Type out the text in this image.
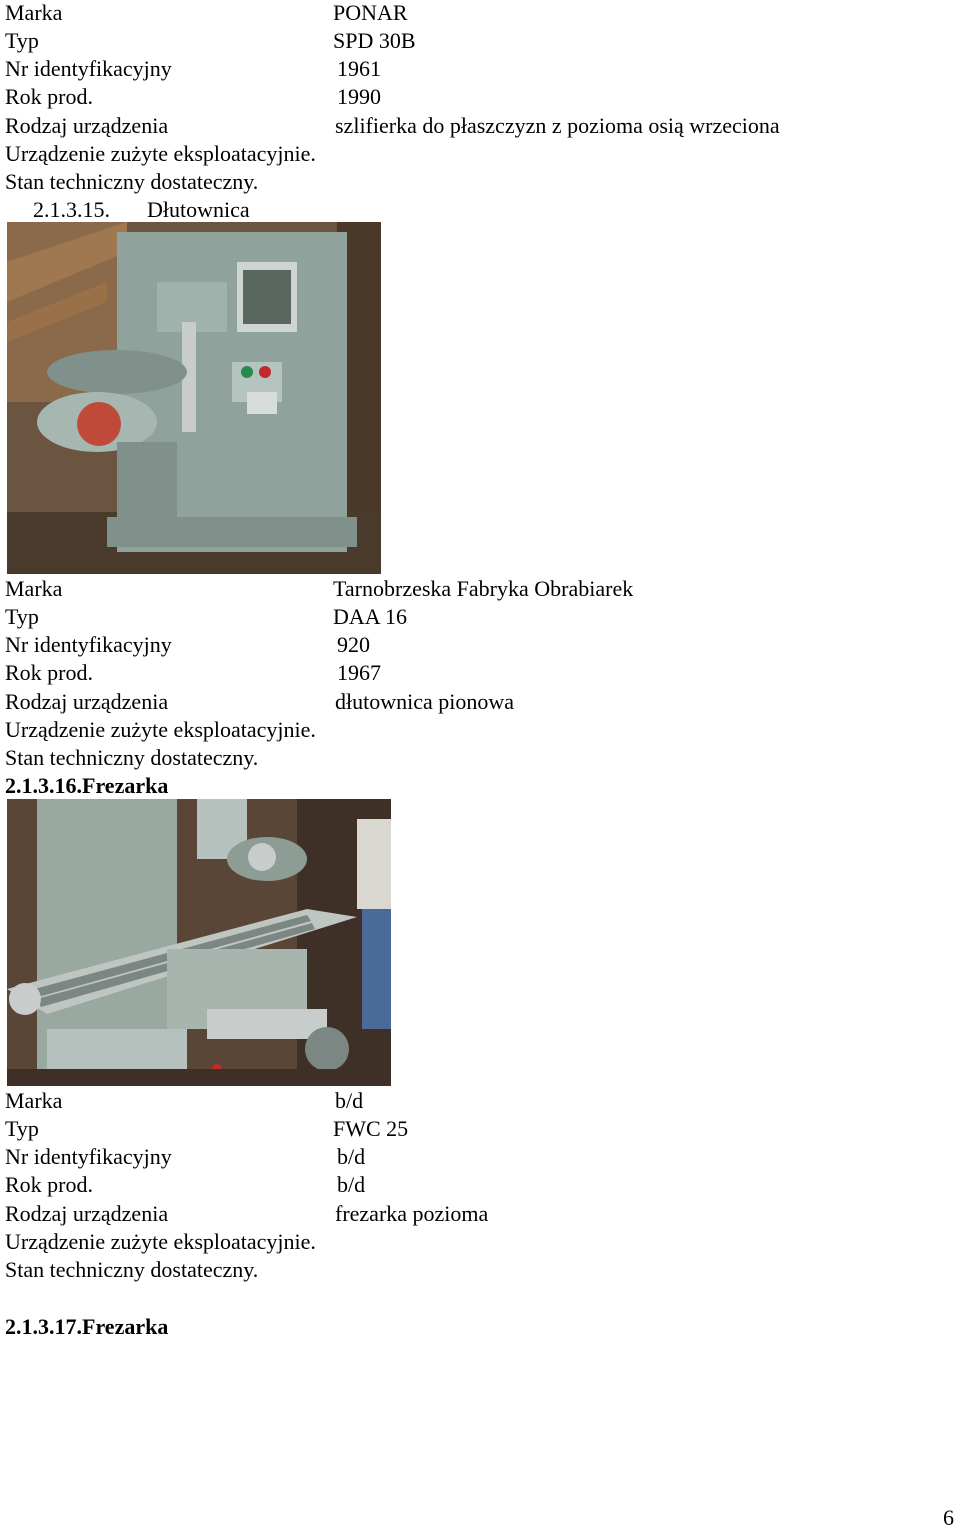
Marka	PONAR
Typ	SPD 30B
Nr identyfikacyjny	1961
Rok prod.	1990
Rodzaj urządzenia	szlifierka do płaszczyzn z pozioma osią wrzeciona
Urządzenie zużyte eksploatacyjnie.
Stan techniczny dostateczny.
2.1.3.15. Dłutownica
Marka	Tarnobrzeska Fabryka Obrabiarek
Typ	DAA 16
Nr identyfikacyjny	920
Rok prod.	1967
Rodzaj urządzenia	dłutownica pionowa
Urządzenie zużyte eksploatacyjnie.
Stan techniczny dostateczny.
2.1.3.16.Frezarka
Marka	b/d
Typ	FWC 25
Nr identyfikacyjny	b/d
Rok prod.	b/d
Rodzaj urządzenia	frezarka pozioma
Urządzenie zużyte eksploatacyjnie.
Stan techniczny dostateczny.
2.1.3.17.Frezarka
6
